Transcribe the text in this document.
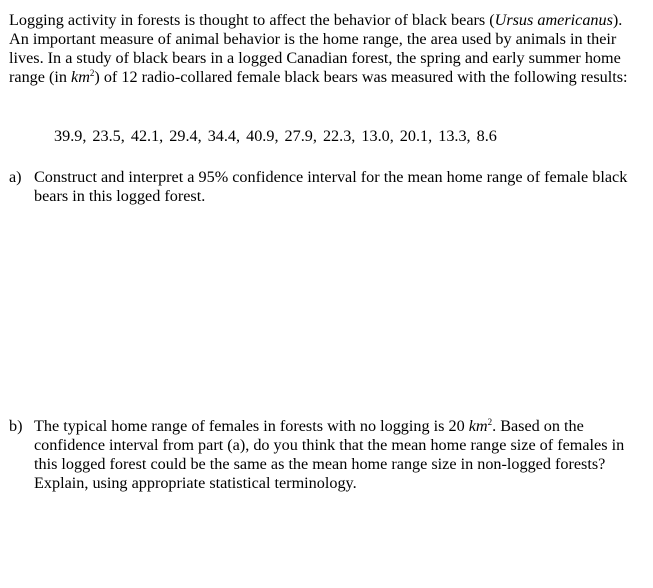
Logging activity in forests is thought to affect the behavior of black bears (Ursus americanus). An important measure of animal behavior is the home range, the area used by animals in their lives. In a study of black bears in a logged Canadian forest, the spring and early summer home range (in $km^2$) of 12 radio-collared female black bears was measured with the following results:
39.9, 23.5, 42.1, 29.4, 34.4, 40.9, 27.9, 22.3, 13.0, 20.1, 13.3, 8.6
a) Construct and interpret a 95% confidence interval for the mean home range of female black bears in this logged forest.
b) The typical home range of females in forests with no logging is 20 $km^2$. Based on the confidence interval from part (a), do you think that the mean home range size of females in this logged forest could be the same as the mean home range size in non-logged forests? Explain, using appropriate statistical terminology.
